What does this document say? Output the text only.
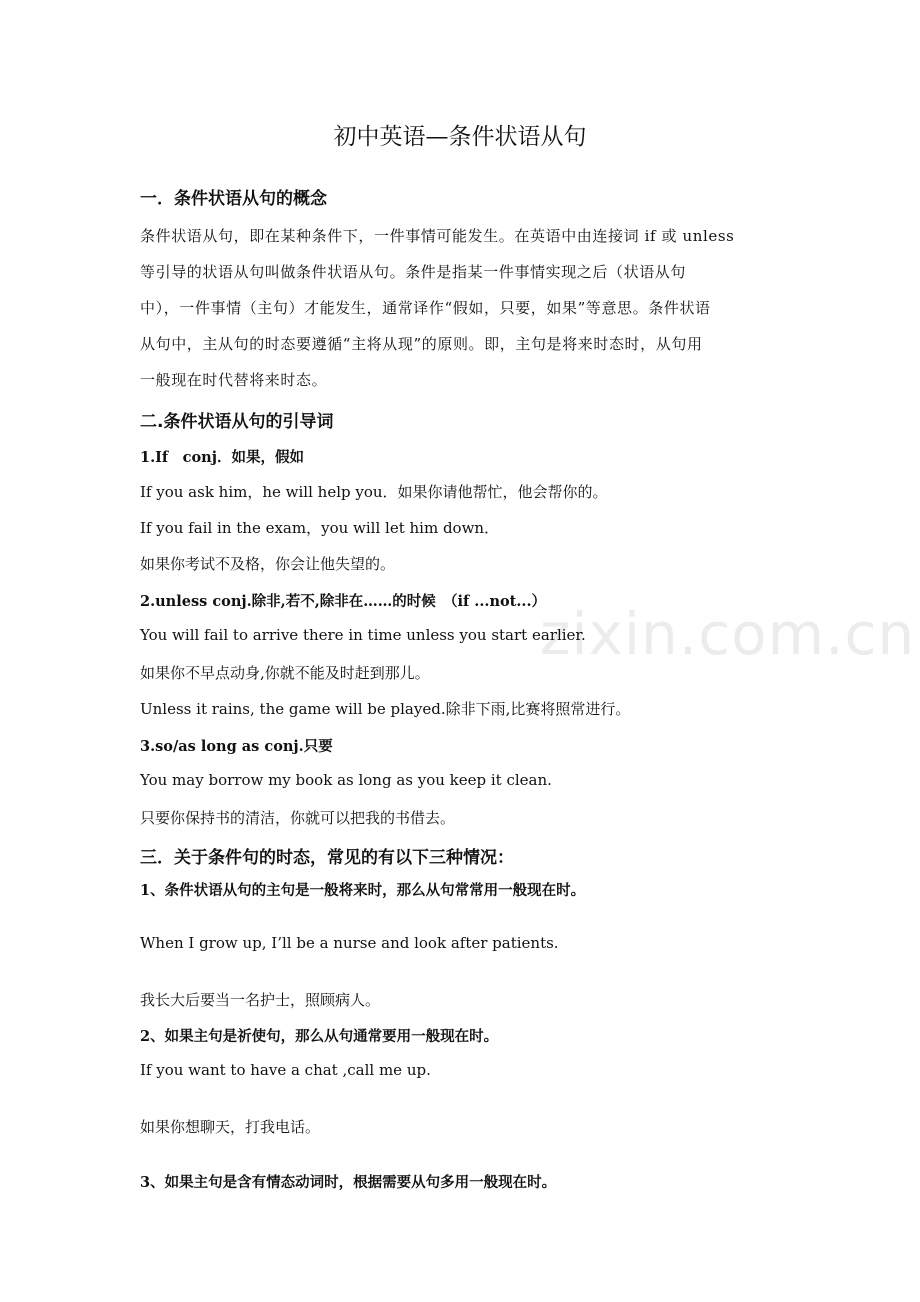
zixin.com.cn
初中英语—条件状语从句
一．条件状语从句的概念
条件状语从句，即在某种条件下，一件事情可能发生。在英语中由连接词 if 或 unless
等引导的状语从句叫做条件状语从句。条件是指某一件事情实现之后（状语从句
中），一件事情（主句）才能发生，通常译作“假如，只要，如果”等意思。条件状语
从句中，主从句的时态要遵循“主将从现”的原则。即，主句是将来时态时，从句用
一般现在时代替将来时态。
二.条件状语从句的引导词
1.If　conj．如果，假如
If you ask him，he will help you．如果你请他帮忙，他会帮你的。
If you fail in the exam，you will let him down．
如果你考试不及格，你会让他失望的。
2.unless conj.除非,若不,除非在……的时候　（if ...not...）
You will fail to arrive there in time unless you start earlier.
如果你不早点动身,你就不能及时赶到那儿。
Unless it rains, the game will be played.除非下雨,比赛将照常进行。
3.so/as long as conj.只要
You may borrow my book as long as you keep it clean.
只要你保持书的清洁，你就可以把我的书借去。
三．关于条件句的时态，常见的有以下三种情况：
1、条件状语从句的主句是一般将来时，那么从句常常用一般现在时。
When I grow up, I’ll be a nurse and look after patients.
我长大后要当一名护士，照顾病人。
2、如果主句是祈使句，那么从句通常要用一般现在时。
If you want to have a chat ,call me up.
如果你想聊天，打我电话。
3、如果主句是含有情态动词时，根据需要从句多用一般现在时。
